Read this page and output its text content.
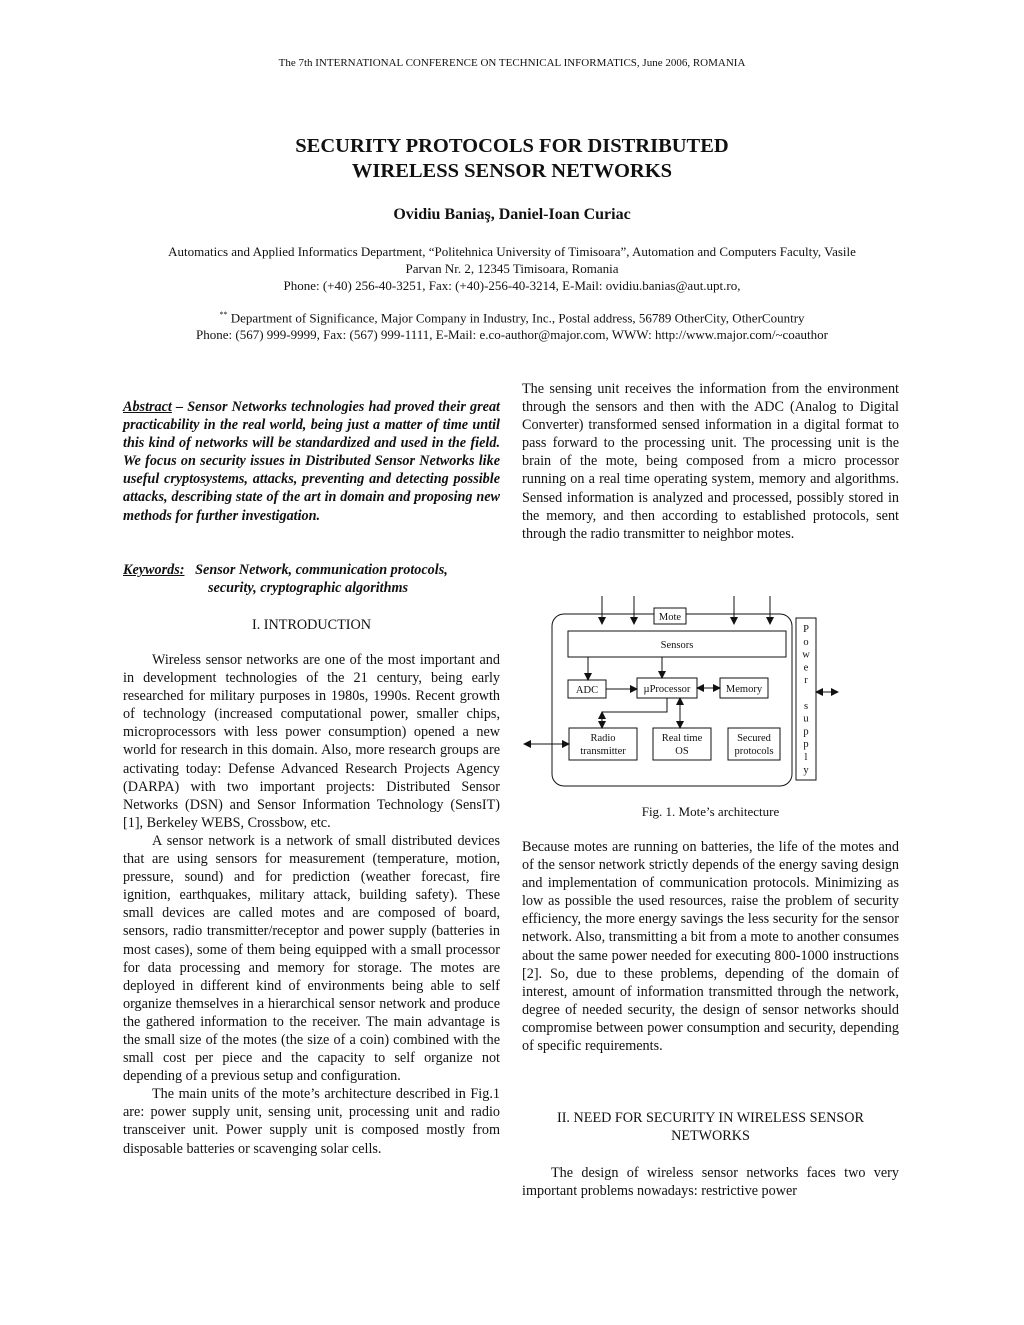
The 7th INTERNATIONAL CONFERENCE ON TECHNICAL INFORMATICS, June 2006, ROMANIA
SECURITY PROTOCOLS FOR DISTRIBUTED
WIRELESS SENSOR NETWORKS
Ovidiu Baniaş, Daniel-Ioan Curiac
Automatics and Applied Informatics Department, “Politehnica University of Timisoara”, Automation and Computers Faculty, Vasile
Parvan Nr. 2, 12345 Timisoara, Romania
Phone: (+40) 256-40-3251, Fax: (+40)-256-40-3214, E-Mail: ovidiu.banias@aut.upt.ro,
** Department of Significance, Major Company in Industry, Inc., Postal address, 56789 OtherCity, OtherCountry
Phone: (567) 999-9999, Fax: (567) 999-1111, E-Mail: e.co-author@major.com, WWW: http://www.major.com/~coauthor

Abstract – Sensor Networks technologies had proved their great practicability in the real world, being just a matter of time until this kind of networks will be standardized and used in the field. We focus on security issues in Distributed Sensor Networks like useful cryptosystems, attacks, preventing and detecting possible attacks, describing state of the art in domain and proposing new methods for further investigation.

Keywords: Sensor Network, communication protocols,
security, cryptographic algorithms
I. INTRODUCTION

Wireless sensor networks are one of the most important and in development technologies of the 21 century, being early researched for military purposes in 1980s, 1990s. Recent growth of technology (increased computational power, smaller chips, microprocessors with less power consumption) opened a new world for research in this domain. Also, more research groups are activating today: Defense Advanced Research Projects Agency (DARPA) with two important projects: Distributed Sensor Networks (DSN) and Sensor Information Technology (SensIT) [1], Berkeley WEBS, Crossbow, etc.

A sensor network is a network of small distributed devices that are using sensors for measurement (temperature, motion, pressure, sound) and for prediction (weather forecast, fire ignition, earthquakes, military attack, building safety). These small devices are called motes and are composed of board, sensors, radio transmitter/receptor and power supply (batteries in most cases), some of them being equipped with a small processor for data processing and memory for storage. The motes are deployed in different kind of environments being able to self organize themselves in a hierarchical sensor network and produce the gathered information to the receiver. The main advantage is the small size of the motes (the size of a coin) combined with the small cost per piece and the capacity to self organize not depending of a previous setup and configuration.

The main units of the mote’s architecture described in Fig.1 are: power supply unit, sensing unit, processing unit and radio transceiver unit. Power supply unit is composed mostly from disposable batteries or scavenging solar cells.

The sensing unit receives the information from the environment through the sensors and then with the ADC (Analog to Digital Converter) transformed sensed information in a digital format to pass forward to the processing unit. The processing unit is the brain of the mote, being composed from a micro processor running on a real time operating system, memory and algorithms. Sensed information is analyzed and processed, possibly stored in the memory, and then according to established protocols, sent through the radio transmitter to neighbor motes.

Mote
Sensors
ADC	µProcessor	Memory
Radio
transmitter
Real time
OS
Secured
protocols
P
o
w
e
r
s
u
p
p
l
y
Fig. 1. Mote’s architecture

Because motes are running on batteries, the life of the motes and of the sensor network strictly depends of the energy saving design and implementation of communication protocols. Minimizing as low as possible the used resources, raise the problem of security efficiency, the more energy savings the less security for the sensor network. Also, transmitting a bit from a mote to another consumes about the same power needed for executing 800-1000 instructions [2]. So, due to these problems, depending of the domain of interest, amount of information transmitted through the network, degree of needed security, the design of sensor networks should compromise between power consumption and security, depending of specific requirements.

II. NEED FOR SECURITY IN WIRELESS SENSOR
NETWORKS

The design of wireless sensor networks faces two very important problems nowadays: restrictive power
